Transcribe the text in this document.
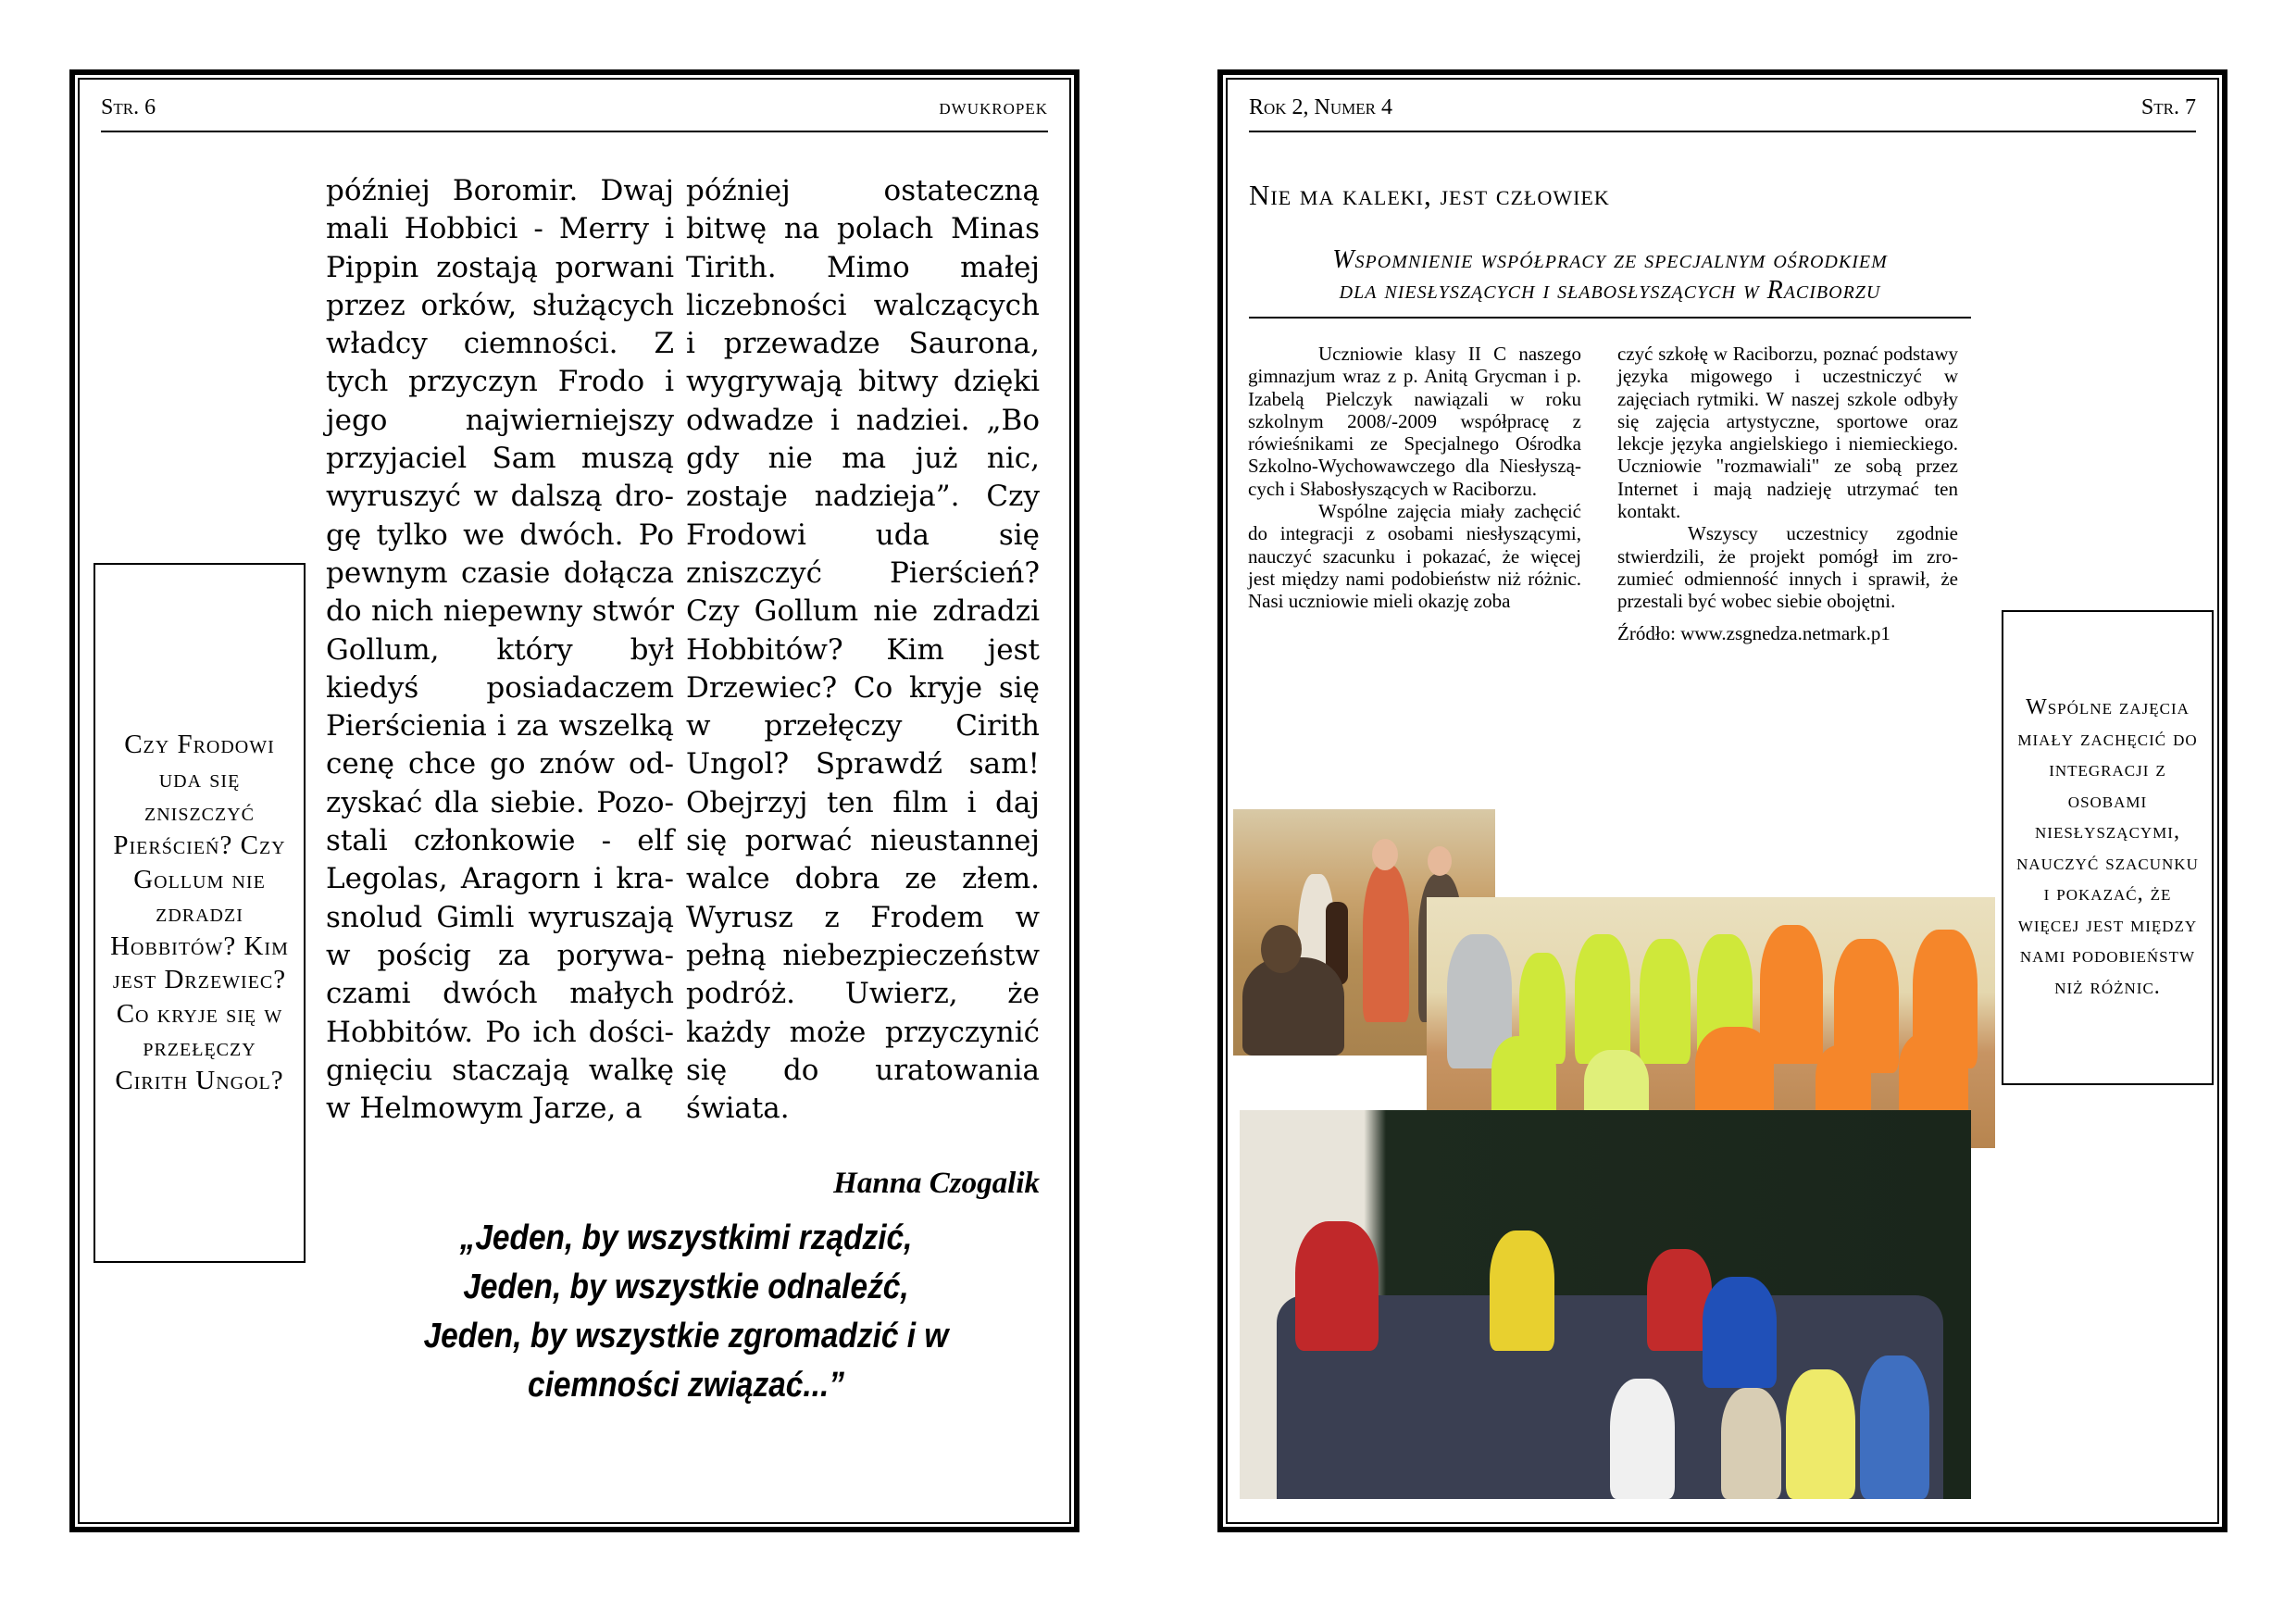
Str. 6	dwukropek
Czy Frodowi uda się zniszczyć Pierścień? Czy Gollum nie zdradzi Hobbitów? Kim jest Drzewiec? Co kryje się w przełęczy Cirith Ungol?

później Boromir. Dwaj mali Hobbici - Merry i Pippin zostają porwani przez orków, służących władcy ciemności. Z tych przyczyn Frodo i jego najwierniejszy przyjaciel Sam muszą wyruszyć w dalszą drogę tylko we dwóch. Po pewnym czasie dołącza do nich niepewny stwór Gollum, który był kiedyś posiadaczem Pierścienia i za wszelką cenę chce go znów odzyskać dla siebie. Pozostali członkowie - elf Legolas, Aragorn i krasnolud Gimli wyruszają w pościg za porywaczami dwóch małych Hobbitów. Po ich doścignięciu staczają walkę w Helmowym Jarze, a

później ostateczną bitwę na polach Minas Tirith. Mimo małej liczebności walczących i przewadze Saurona, wygrywają bitwy dzięki odwadze i nadziei. „Bo gdy nie ma już nic, zostaje nadzieja”. Czy Frodowi uda się zniszczyć Pierścień? Czy Gollum nie zdradzi Hobbitów? Kim jest Drzewiec? Co kryje się w przełęczy Cirith Ungol? Sprawdź sam! Obejrzyj ten film i daj się porwać nieustannej walce dobra ze złem. Wyrusz z Frodem w pełną niebezpieczeństw podróż. Uwierz, że każdy może przyczynić się do uratowania świata.

Hanna Czogalik
„Jeden, by wszystkimi rządzić,
Jeden, by wszystkie odnaleźć,
Jeden, by wszystkie zgromadzić i w
ciemności związać...”
Rok 2, Numer 4	Str. 7
Nie ma kaleki, jest człowiek
Wspomnienie współpracy ze specjalnym ośrodkiem
dla niesłyszących i słabosłyszących w Raciborzu

Uczniowie klasy II C naszego gimnazjum wraz z p. Anitą Grycman i p. Izabelą Pielczyk nawiązali w roku szkolnym 2008/-2009 współpracę z rówieśnikami ze Specjalnego Ośrodka Szkolno-Wychowawczego dla Niesłyszących i Słabosłyszących w Raciborzu.

Wspólne zajęcia miały zachęcić do integracji z osobami niesłyszącymi, nauczyć szacunku i pokazać, że więcej jest między nami podobieństw niż różnic. Nasi uczniowie mieli okazję zoba

czyć szkołę w Raciborzu, poznać podstawy języka migowego i uczestniczyć w zajęciach rytmiki. W naszej szkole odbyły się zajęcia artystyczne, sportowe oraz lekcje języka angielskiego i niemieckiego. Uczniowie "rozmawiali" ze sobą przez Internet i mają nadzieję utrzymać ten kontakt.

Wszyscy uczestnicy zgodnie stwierdzili, że projekt pomógł im zrozumieć odmienność innych i sprawił, że przestali być wobec siebie obojętni.

Źródło: www.zsgnedza.netmark.p1

Wspólne zajęcia miały zachęcić do integracji z osobami niesłyszącymi, nauczyć szacunku i pokazać, że więcej jest między nami podobieństw niż różnic.
